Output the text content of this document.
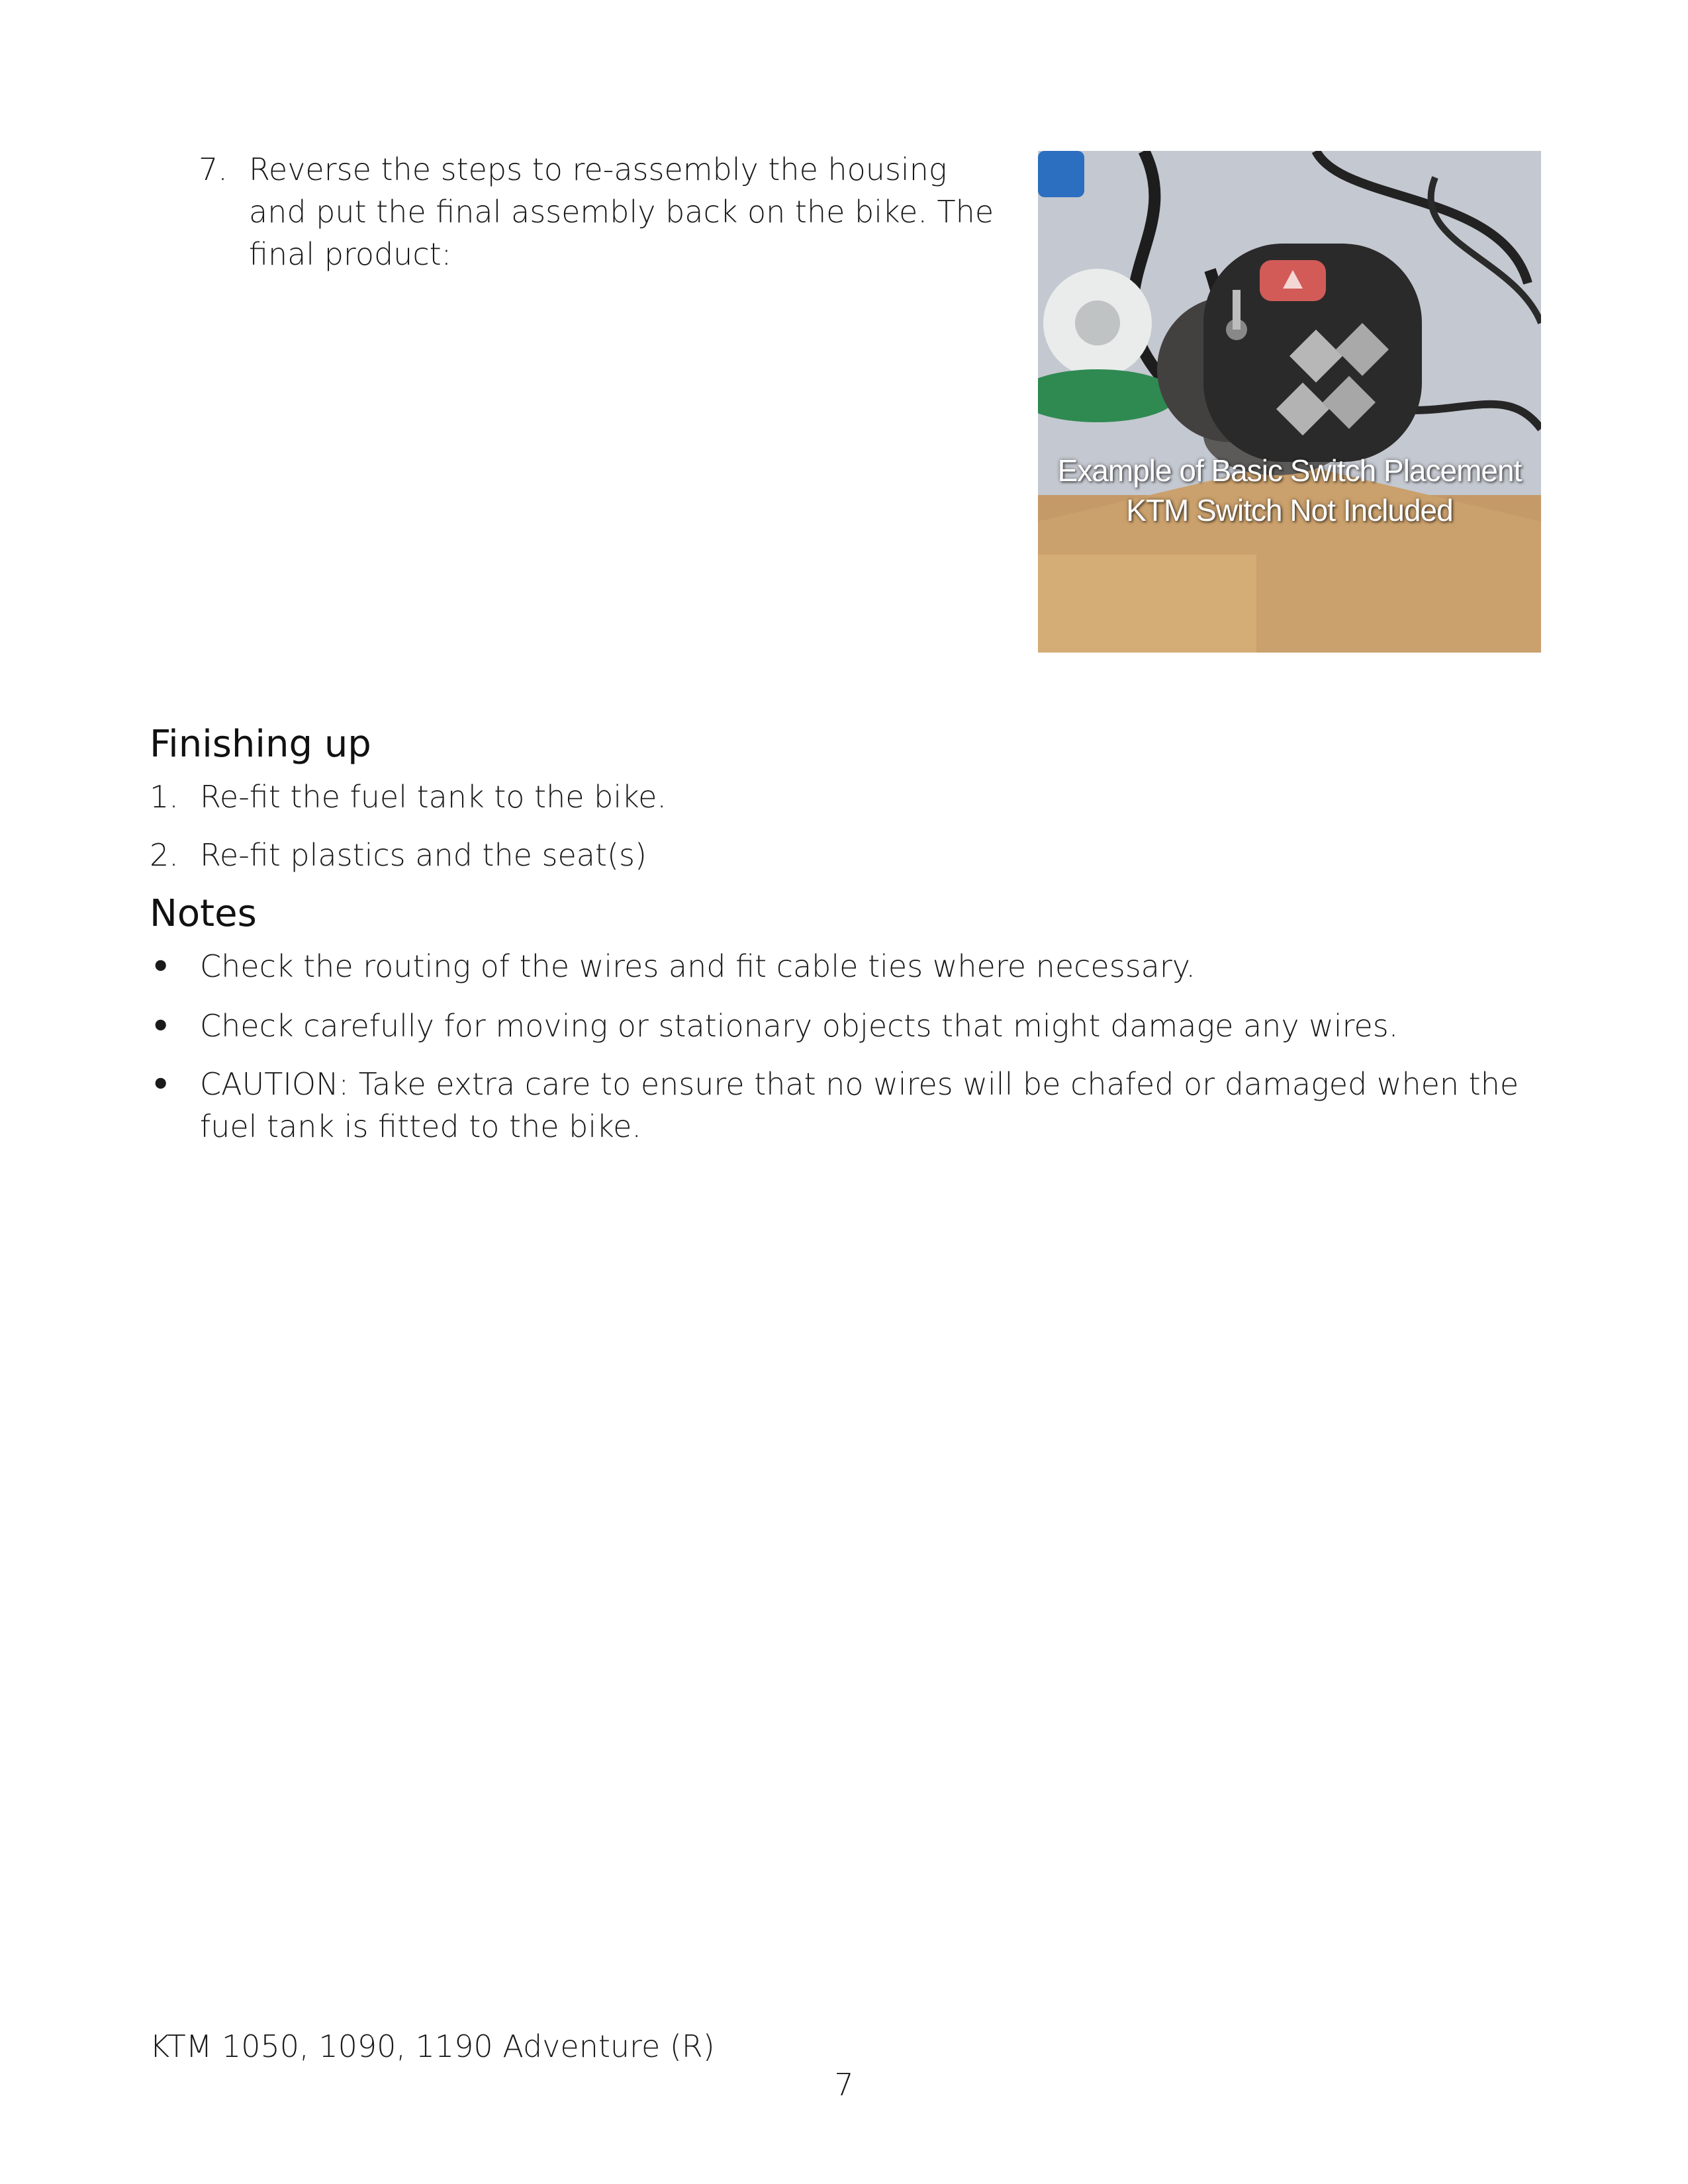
7. Reverse the steps to re-assembly the housing and put the final assembly back on the bike. The final product:
Example of Basic Switch Placement
KTM Switch Not Included
Finishing up
1. Re-fit the fuel tank to the bike.
2. Re-fit plastics and the seat(s)
Notes
• Check the routing of the wires and fit cable ties where necessary.
• Check carefully for moving or stationary objects that might damage any wires.
• CAUTION: Take extra care to ensure that no wires will be chafed or damaged when the fuel tank is fitted to the bike.
KTM 1050, 1090, 1190 Adventure (R)
7
